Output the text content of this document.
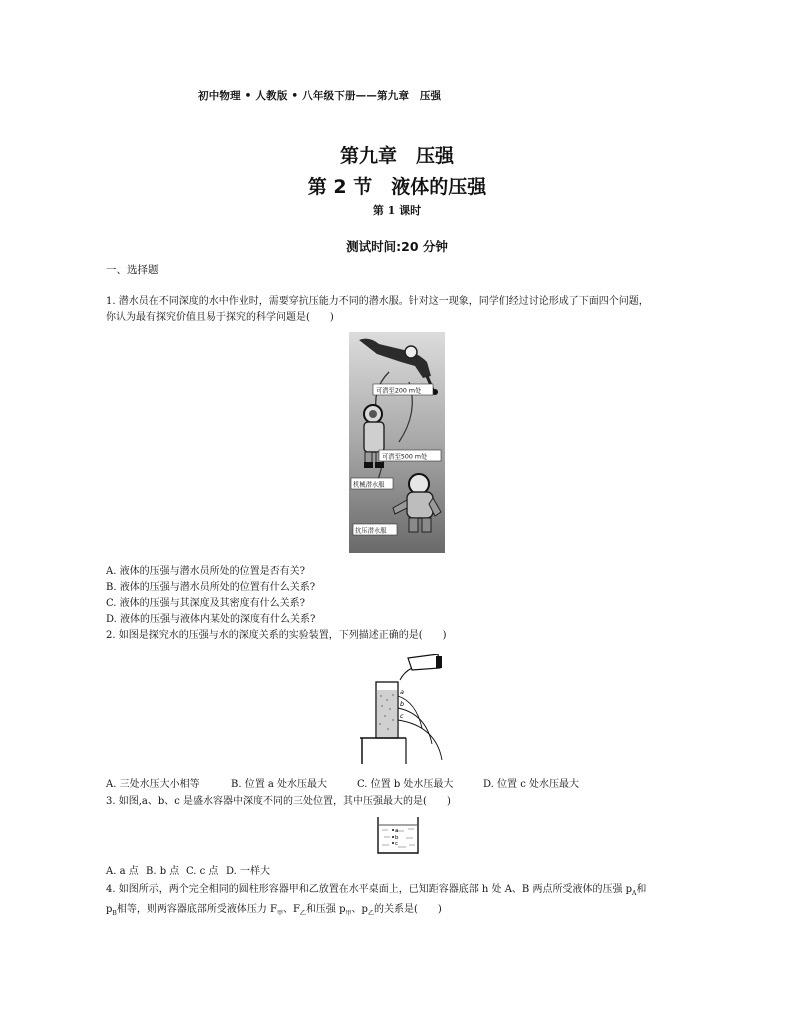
初中物理 • 人教版 • 八年级下册——第九章　压强
第九章　压强
第 2 节　液体的压强
第 1 课时
测试时间:20 分钟
一、选择题
1. 潜水员在不同深度的水中作业时，需要穿抗压能力不同的潜水服。针对这一现象，同学们经过讨论形成了下面四个问题，
你认为最有探究价值且易于探究的科学问题是(　　)
可潜至200 m处
可潜至500 m处
机械潜水服
抗压潜水服
A. 液体的压强与潜水员所处的位置是否有关?
B. 液体的压强与潜水员所处的位置有什么关系?
C. 液体的压强与其深度及其密度有什么关系?
D. 液体的压强与液体内某处的深度有什么关系?
2. 如图是探究水的压强与水的深度关系的实验装置，下列描述正确的是(　　)
a
b
c
A. 三处水压大小相等	B. 位置 a 处水压最大	C. 位置 b 处水压最大	D. 位置 c 处水压最大
3. 如图,a、b、c 是盛水容器中深度不同的三处位置，其中压强最大的是(　　)
a
b
c
A. a 点 B. b 点 C. c 点 D. 一样大
4. 如图所示，两个完全相同的圆柱形容器甲和乙放置在水平桌面上，已知距容器底部 h 处 A、B 两点所受液体的压强 $p_A$和
$p_B$相等，则两容器底部所受液体压力 $F_甲$、$F_乙$和压强 $p_甲$、$p_乙$的关系是(　　)
